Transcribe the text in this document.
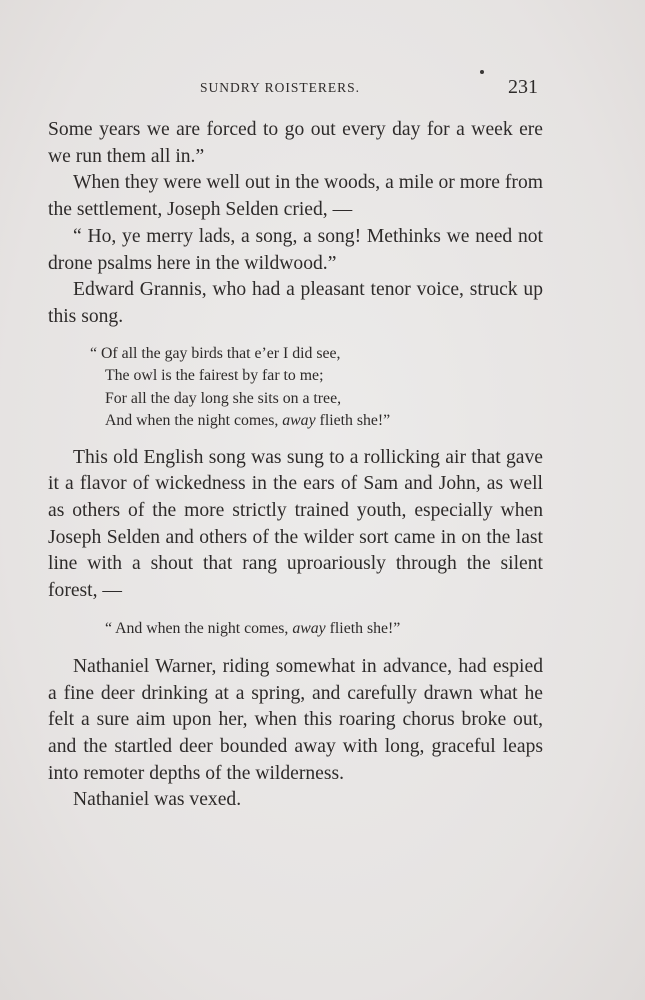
SUNDRY ROISTERERS.	231

Some years we are forced to go out every day for a week ere we run them all in.”

When they were well out in the woods, a mile or more from the settlement, Joseph Selden cried, —

“ Ho, ye merry lads, a song, a song! Methinks we need not drone psalms here in the wildwood.”

Edward Grannis, who had a pleasant tenor voice, struck up this song.

“ Of all the gay birds that e’er I did see,
The owl is the fairest by far to me;
For all the day long she sits on a tree,
And when the night comes, away flieth she!”

This old English song was sung to a rollicking air that gave it a flavor of wickedness in the ears of Sam and John, as well as others of the more strictly trained youth, especially when Joseph Selden and others of the wilder sort came in on the last line with a shout that rang uproariously through the silent forest, —

“ And when the night comes, away flieth she!”

Nathaniel Warner, riding somewhat in advance, had espied a fine deer drinking at a spring, and carefully drawn what he felt a sure aim upon her, when this roaring chorus broke out, and the startled deer bounded away with long, graceful leaps into remoter depths of the wilderness.

Nathaniel was vexed.
